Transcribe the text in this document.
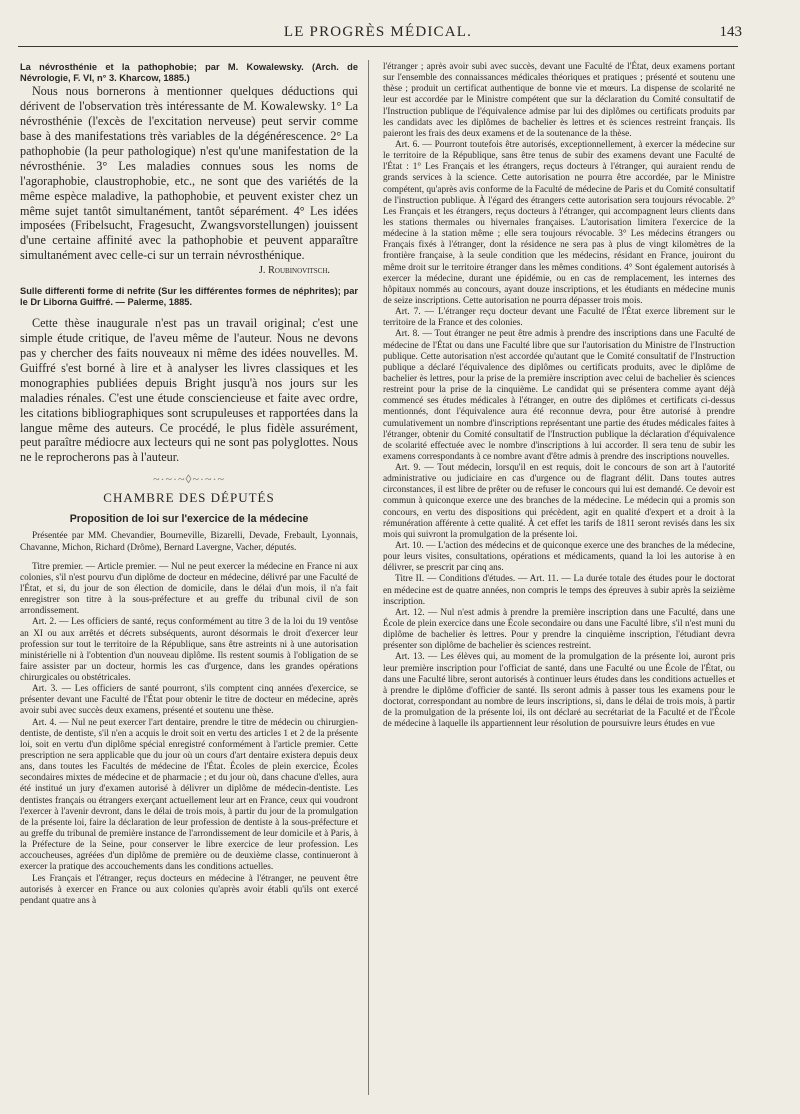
LE PROGRÈS MÉDICAL.	143

La névrosthénie et la pathophobie; par M. Kowalewsky. (Arch. de Névrologie, F. VI, n° 3. Kharcow, 1885.)

Nous nous bornerons à mentionner quelques déductions qui dérivent de l'observation très intéressante de M. Kowalewsky. 1° La névrosthénie (l'excès de l'excitation nerveuse) peut servir comme base à des manifestations très variables de la dégénérescence. 2° La pathophobie (la peur pathologique) n'est qu'une manifestation de la névrosthénie. 3° Les maladies connues sous les noms de l'agoraphobie, claustrophobie, etc., ne sont que des variétés de la même espèce maladive, la pathophobie, et peuvent exister chez un même sujet tantôt simultanément, tantôt séparément. 4° Les idées imposées (Fribelsucht, Fragesucht, Zwangsvorstellungen) jouissent d'une certaine affinité avec la pathophobie et peuvent apparaître simultanément avec celle-ci sur un terrain névrosthénique.

J. Roubinovitsch.

Sulle differenti forme di nefrite (Sur les différentes formes de néphrites); par le Dr Liborna Guiffré. — Palerme, 1885.

Cette thèse inaugurale n'est pas un travail original; c'est une simple étude critique, de l'aveu même de l'auteur. Nous ne devons pas y chercher des faits nouveaux ni même des idées nouvelles. M. Guiffré s'est borné à lire et à analyser les livres classiques et les monographies publiées depuis Bright jusqu'à nos jours sur les maladies rénales. C'est une étude consciencieuse et faite avec ordre, les citations bibliographiques sont scrupuleuses et rapportées dans la langue même des auteurs. Ce procédé, le plus fidèle assurément, peut paraître médiocre aux lecteurs qui ne sont pas polyglottes. Nous ne le reprocherons pas à l'auteur.

~·~·~◊~·~·~
CHAMBRE DES DÉPUTÉS
Proposition de loi sur l'exercice de la médecine

Présentée par MM. Chevandier, Bourneville, Bizarelli, Devade, Frebault, Lyonnais, Chavanne, Michon, Richard (Drôme), Bernard Lavergne, Vacher, députés.

Titre premier. — Article premier. — Nul ne peut exercer la médecine en France ni aux colonies, s'il n'est pourvu d'un diplôme de docteur en médecine, délivré par une Faculté de l'État, et si, du jour de son élection de domicile, dans le délai d'un mois, il n'a fait enregistrer son titre à la sous-préfecture et au greffe du tribunal civil de son arrondissement.

Art. 2. — Les officiers de santé, reçus conformément au titre 3 de la loi du 19 ventôse an XI ou aux arrêtés et décrets subséquents, auront désormais le droit d'exercer leur profession sur tout le territoire de la République, sans être astreints ni à une autorisation ministérielle ni à l'obtention d'un nouveau diplôme. Ils restent soumis à l'obligation de se faire assister par un docteur, hormis les cas d'urgence, dans les grandes opérations chirurgicales ou obstétricales.

Art. 3. — Les officiers de santé pourront, s'ils comptent cinq années d'exercice, se présenter devant une Faculté de l'État pour obtenir le titre de docteur en médecine, après avoir subi avec succès deux examens, présenté et soutenu une thèse.

Art. 4. — Nul ne peut exercer l'art dentaire, prendre le titre de médecin ou chirurgien-dentiste, de dentiste, s'il n'en a acquis le droit soit en vertu des articles 1 et 2 de la présente loi, soit en vertu d'un diplôme spécial enregistré conformément à l'article premier. Cette prescription ne sera applicable que du jour où un cours d'art dentaire existera depuis deux ans, dans toutes les Facultés de médecine de l'État. Écoles de plein exercice, Écoles secondaires mixtes de médecine et de pharmacie ; et du jour où, dans chacune d'elles, aura été institué un jury d'examen autorisé à délivrer un diplôme de médecin-dentiste. Les dentistes français ou étrangers exerçant actuellement leur art en France, ceux qui voudront l'exercer à l'avenir devront, dans le délai de trois mois, à partir du jour de la promulgation de la présente loi, faire la déclaration de leur profession de dentiste à la sous-préfecture et au greffe du tribunal de première instance de l'arrondissement de leur domicile et à Paris, à la Préfecture de la Seine, pour conserver le libre exercice de leur profession. Les accoucheuses, agréées d'un diplôme de première ou de deuxième classe, continueront à exercer la pratique des accouchements dans les conditions actuelles.

Les Français et l'étranger, reçus docteurs en médecine à l'étranger, ne peuvent être autorisés à exercer en France ou aux colonies qu'après avoir établi qu'ils ont exercé pendant quatre ans à

l'étranger ; après avoir subi avec succès, devant une Faculté de l'État, deux examens portant sur l'ensemble des connaissances médicales théoriques et pratiques ; présenté et soutenu une thèse ; produit un certificat authentique de bonne vie et mœurs. La dispense de scolarité ne leur est accordée par le Ministre compétent que sur la déclaration du Comité consultatif de l'Instruction publique de l'équivalence admise par lui des diplômes ou certificats produits par les candidats avec les diplômes de bachelier ès lettres et ès sciences restreint français. Ils paieront les frais des deux examens et de la soutenance de la thèse.

Art. 6. — Pourront toutefois être autorisés, exceptionnellement, à exercer la médecine sur le territoire de la République, sans être tenus de subir des examens devant une Faculté de l'État : 1° Les Français et les étrangers, reçus docteurs à l'étranger, qui auraient rendu de grands services à la science. Cette autorisation ne pourra être accordée, par le Ministre compétent, qu'après avis conforme de la Faculté de médecine de Paris et du Comité consultatif de l'instruction publique. À l'égard des étrangers cette autorisation sera toujours révocable. 2° Les Français et les étrangers, reçus docteurs à l'étranger, qui accompagnent leurs clients dans les stations thermales ou hivernales françaises. L'autorisation limitera l'exercice de la médecine à la station même ; elle sera toujours révocable. 3° Les médecins étrangers ou Français fixés à l'étranger, dont la résidence ne sera pas à plus de vingt kilomètres de la frontière française, à la seule condition que les médecins, résidant en France, jouiront du même droit sur le territoire étranger dans les mêmes conditions. 4° Sont également autorisés à exercer la médecine, durant une épidémie, ou en cas de remplacement, les internes des hôpitaux nommés au concours, ayant douze inscriptions, et les étudiants en médecine munis de seize inscriptions. Cette autorisation ne pourra dépasser trois mois.

Art. 7. — L'étranger reçu docteur devant une Faculté de l'État exerce librement sur le territoire de la France et des colonies.

Art. 8. — Tout étranger ne peut être admis à prendre des inscriptions dans une Faculté de médecine de l'État ou dans une Faculté libre que sur l'autorisation du Ministre de l'Instruction publique. Cette autorisation n'est accordée qu'autant que le Comité consultatif de l'Instruction publique a déclaré l'équivalence des diplômes ou certificats produits, avec le diplôme de bachelier ès lettres, pour la prise de la première inscription avec celui de bachelier ès sciences restreint pour la prise de la cinquième. Le candidat qui se présentera comme ayant déjà commencé ses études médicales à l'étranger, en outre des diplômes et certificats ci-dessus mentionnés, dont l'équivalence aura été reconnue devra, pour être autorisé à prendre cumulativement un nombre d'inscriptions représentant une partie des études médicales faites à l'étranger, obtenir du Comité consultatif de l'Instruction publique la déclaration d'équivalence de scolarité effectuée avec le nombre d'inscriptions à lui accorder. Il sera tenu de subir les examens correspondants à ce nombre avant d'être admis à prendre des inscriptions nouvelles.

Art. 9. — Tout médecin, lorsqu'il en est requis, doit le concours de son art à l'autorité administrative ou judiciaire en cas d'urgence ou de flagrant délit. Dans toutes autres circonstances, il est libre de prêter ou de refuser le concours qui lui est demandé. Ce devoir est commun à quiconque exerce une des branches de la médecine. Le médecin qui a promis son concours, en vertu des dispositions qui précèdent, agit en qualité d'expert et a droit à la rémunération afférente à cette qualité. À cet effet les tarifs de 1811 seront revisés dans les six mois qui suivront la promulgation de la présente loi.

Art. 10. — L'action des médecins et de quiconque exerce une des branches de la médecine, pour leurs visites, consultations, opérations et médicaments, quand la loi les autorise à en délivrer, se prescrit par cinq ans.

Titre II. — Conditions d'études. — Art. 11. — La durée totale des études pour le doctorat en médecine est de quatre années, non compris le temps des épreuves à subir après la seizième inscription.

Art. 12. — Nul n'est admis à prendre la première inscription dans une Faculté, dans une École de plein exercice dans une École secondaire ou dans une Faculté libre, s'il n'est muni du diplôme de bachelier ès lettres. Pour y prendre la cinquième inscription, l'étudiant devra présenter son diplôme de bachelier ès sciences restreint.

Art. 13. — Les élèves qui, au moment de la promulgation de la présente loi, auront pris leur première inscription pour l'officiat de santé, dans une Faculté ou une École de l'État, ou dans une Faculté libre, seront autorisés à continuer leurs études dans les conditions actuelles et à prendre le diplôme d'officier de santé. Ils seront admis à passer tous les examens pour le doctorat, correspondant au nombre de leurs inscriptions, si, dans le délai de trois mois, à partir de la promulgation de la présente loi, ils ont déclaré au secrétariat de la Faculté et de l'École de médecine à laquelle ils appartiennent leur résolution de poursuivre leurs études en vue
